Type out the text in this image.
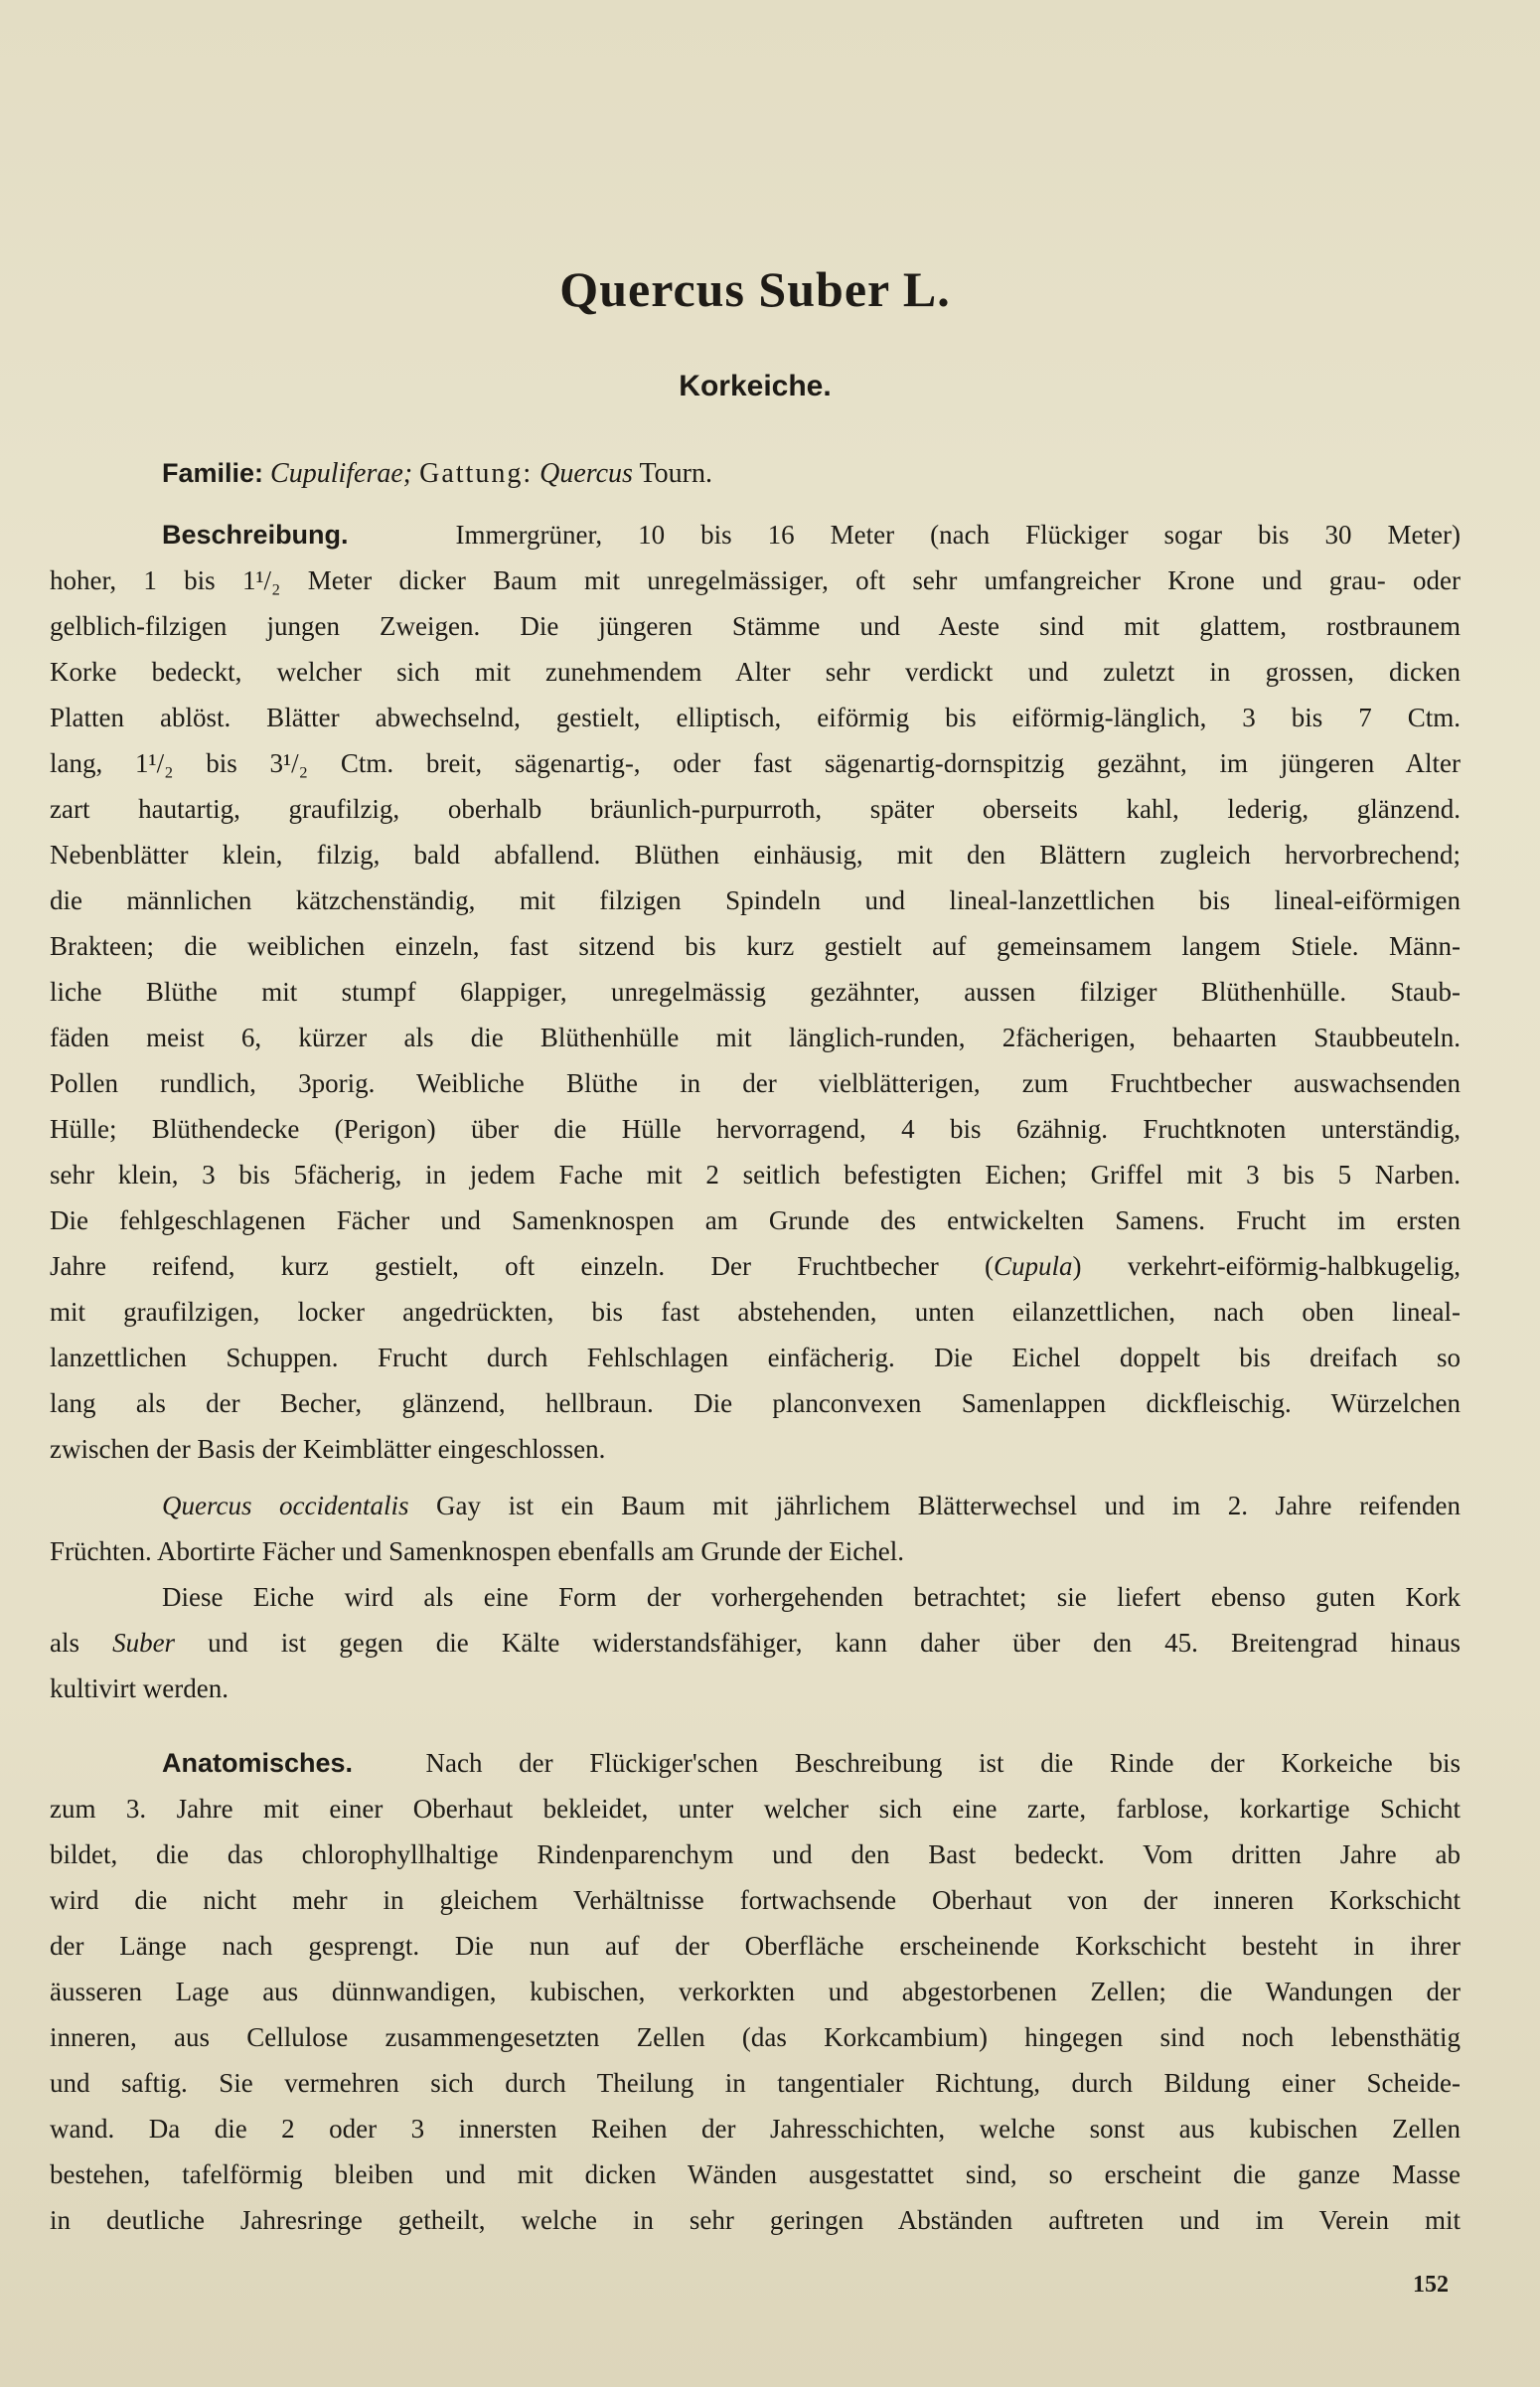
Quercus Suber L.
Korkeiche.
Familie: Cupuliferae; Gattung: Quercus Tourn.
Beschreibung.	Immergrüner, 10 bis 16 Meter (nach Flückiger sogar bis 30 Meter)
hoher, 1 bis 1¹/₂ Meter dicker Baum mit unregelmässiger, oft sehr umfangreicher Krone und grau- oder
gelblich-filzigen jungen Zweigen. Die jüngeren Stämme und Aeste sind mit glattem, rostbraunem
Korke bedeckt, welcher sich mit zunehmendem Alter sehr verdickt und zuletzt in grossen, dicken
Platten ablöst. Blätter abwechselnd, gestielt, elliptisch, eiförmig bis eiförmig-länglich, 3 bis 7 Ctm.
lang, 1¹/₂ bis 3¹/₂ Ctm. breit, sägenartig-, oder fast sägenartig-dornspitzig gezähnt, im jüngeren Alter
zart hautartig, graufilzig, oberhalb bräunlich-purpurroth, später oberseits kahl, lederig, glänzend.
Nebenblätter klein, filzig, bald abfallend. Blüthen einhäusig, mit den Blättern zugleich hervorbrechend;
die männlichen kätzchenständig, mit filzigen Spindeln und lineal-lanzettlichen bis lineal-eiförmigen
Brakteen; die weiblichen einzeln, fast sitzend bis kurz gestielt auf gemeinsamem langem Stiele. Männ-
liche Blüthe mit stumpf 6lappiger, unregelmässig gezähnter, aussen filziger Blüthenhülle. Staub-
fäden meist 6, kürzer als die Blüthenhülle mit länglich-runden, 2fächerigen, behaarten Staubbeuteln.
Pollen rundlich, 3porig. Weibliche Blüthe in der vielblätterigen, zum Fruchtbecher auswachsenden
Hülle; Blüthendecke (Perigon) über die Hülle hervorragend, 4 bis 6zähnig. Fruchtknoten unterständig,
sehr klein, 3 bis 5fächerig, in jedem Fache mit 2 seitlich befestigten Eichen; Griffel mit 3 bis 5 Narben.
Die fehlgeschlagenen Fächer und Samenknospen am Grunde des entwickelten Samens. Frucht im ersten
Jahre reifend, kurz gestielt, oft einzeln. Der Fruchtbecher (Cupula) verkehrt-eiförmig-halbkugelig,
mit graufilzigen, locker angedrückten, bis fast abstehenden, unten eilanzettlichen, nach oben lineal-
lanzettlichen Schuppen. Frucht durch Fehlschlagen einfächerig. Die Eichel doppelt bis dreifach so
lang als der Becher, glänzend, hellbraun. Die planconvexen Samenlappen dickfleischig. Würzelchen
zwischen der Basis der Keimblätter eingeschlossen.
Quercus occidentalis Gay ist ein Baum mit jährlichem Blätterwechsel und im 2. Jahre reifenden
Früchten. Abortirte Fächer und Samenknospen ebenfalls am Grunde der Eichel.
Diese Eiche wird als eine Form der vorhergehenden betrachtet; sie liefert ebenso guten Kork
als Suber und ist gegen die Kälte widerstandsfähiger, kann daher über den 45. Breitengrad hinaus
kultivirt werden.
Anatomisches.	Nach der Flückiger'schen Beschreibung ist die Rinde der Korkeiche bis
zum 3. Jahre mit einer Oberhaut bekleidet, unter welcher sich eine zarte, farblose, korkartige Schicht
bildet, die das chlorophyllhaltige Rindenparenchym und den Bast bedeckt. Vom dritten Jahre ab
wird die nicht mehr in gleichem Verhältnisse fortwachsende Oberhaut von der inneren Korkschicht
der Länge nach gesprengt. Die nun auf der Oberfläche erscheinende Korkschicht besteht in ihrer
äusseren Lage aus dünnwandigen, kubischen, verkorkten und abgestorbenen Zellen; die Wandungen der
inneren, aus Cellulose zusammengesetzten Zellen (das Korkcambium) hingegen sind noch lebensthätig
und saftig. Sie vermehren sich durch Theilung in tangentialer Richtung, durch Bildung einer Scheide-
wand. Da die 2 oder 3 innersten Reihen der Jahresschichten, welche sonst aus kubischen Zellen
bestehen, tafelförmig bleiben und mit dicken Wänden ausgestattet sind, so erscheint die ganze Masse
in deutliche Jahresringe getheilt, welche in sehr geringen Abständen auftreten und im Verein mit
152
